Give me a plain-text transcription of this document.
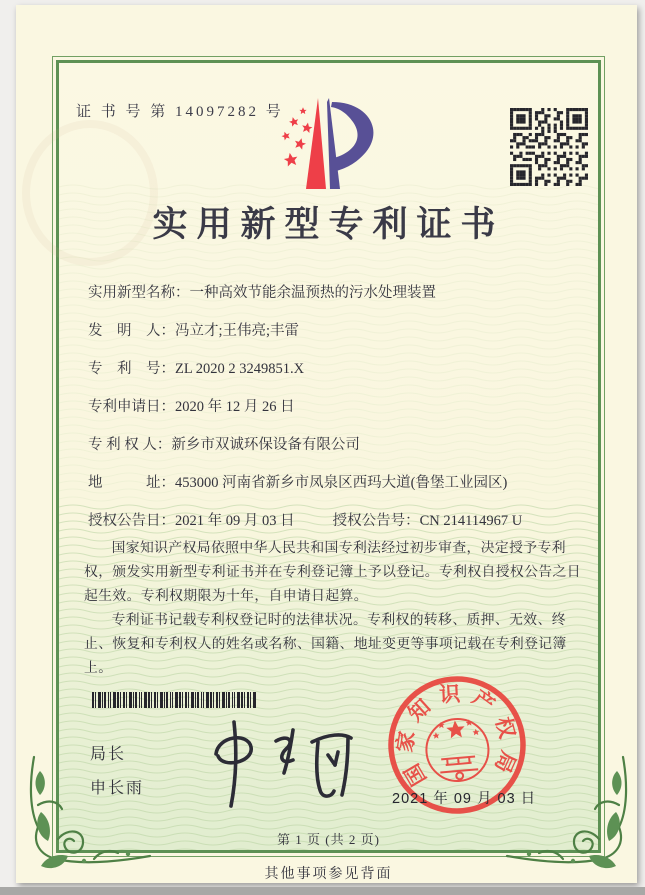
证 书 号 第 14097282 号
实用新型专利证书
实用新型名称：一种高效节能余温预热的污水处理装置
发　明　人：冯立才;王伟亮;丰雷
专　利　号：ZL 2020 2 3249851.X
专利申请日：2020 年 12 月 26 日
专 利 权 人：新乡市双诚环保设备有限公司
地　　　址：453000 河南省新乡市凤泉区西玛大道(鲁堡工业园区)
授权公告日：2021 年 09 月 03 日	授权公告号：CN 214114967 U

国家知识产权局依照中华人民共和国专利法经过初步审查，决定授予专利权，颁发实用新型专利证书并在专利登记簿上予以登记。专利权自授权公告之日起生效。专利权期限为十年，自申请日起算。

专利证书记载专利权登记时的法律状况。专利权的转移、质押、无效、终止、恢复和专利权人的姓名或名称、国籍、地址变更等事项记载在专利登记簿上。

局长
申长雨	国家知识产权局
2021 年 09 月 03 日
第 1 页 (共 2 页)
其他事项参见背面
